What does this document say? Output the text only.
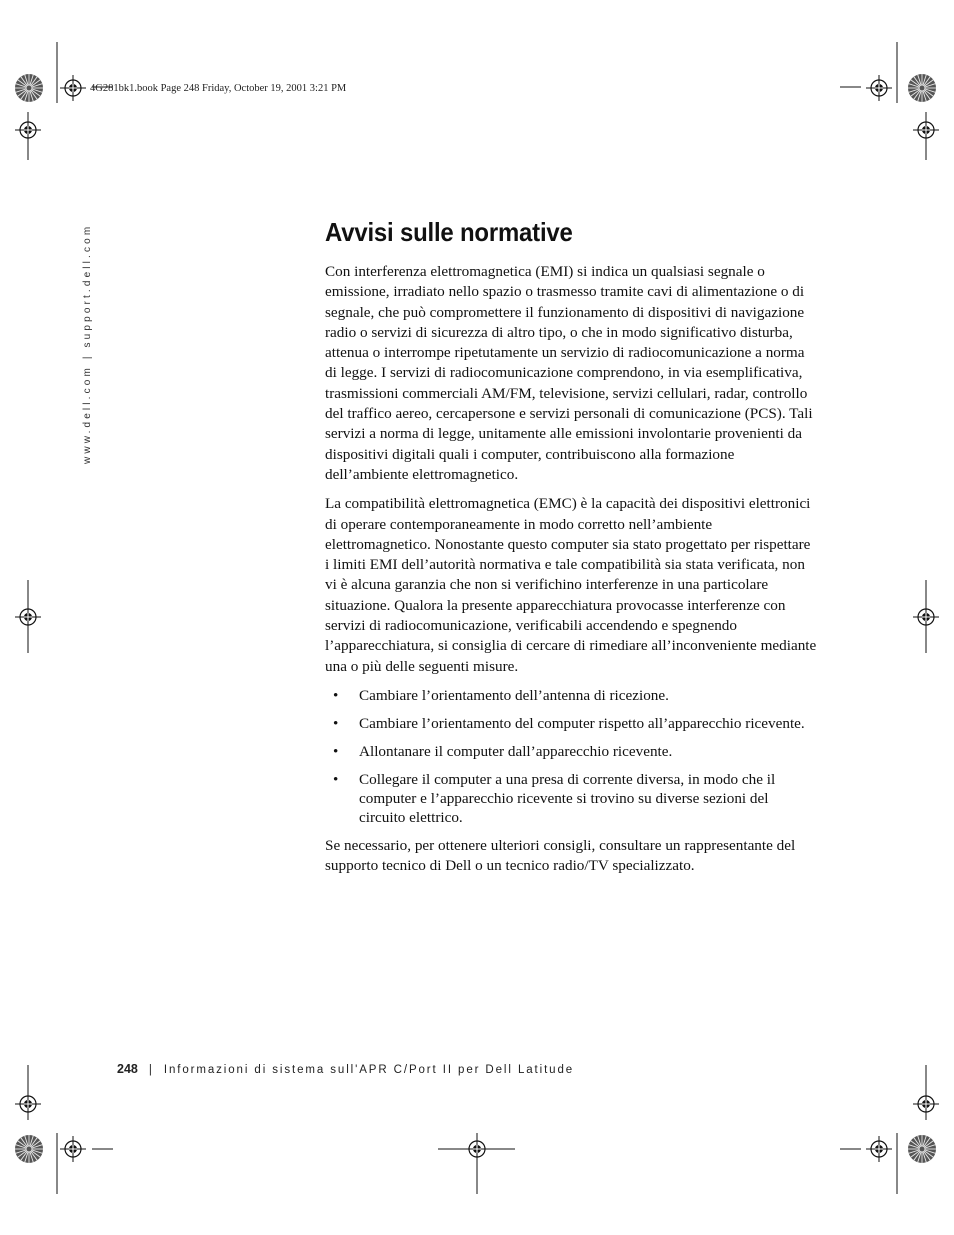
4G281bk1.book Page 248 Friday, October 19, 2001 3:21 PM
www.dell.com | support.dell.com	Avvisi sulle normative

Con interferenza elettromagnetica (EMI) si indica un qualsiasi segnale o emissione, irradiato nello spazio o trasmesso tramite cavi di alimentazione o di segnale, che può compromettere il funzionamento di dispositivi di navigazione radio o servizi di sicurezza di altro tipo, o che in modo significativo disturba, attenua o interrompe ripetutamente un servizio di radiocomunicazione a norma di legge. I servizi di radiocomunicazione comprendono, in via esemplificativa, trasmissioni commerciali AM/FM, televisione, servizi cellulari, radar, controllo del traffico aereo, cercapersone e servizi personali di comunicazione (PCS). Tali servizi a norma di legge, unitamente alle emissioni involontarie provenienti da dispositivi digitali quali i computer, contribuiscono alla formazione dell’ambiente elettromagnetico.

La compatibilità elettromagnetica (EMC) è la capacità dei dispositivi elettronici di operare contemporaneamente in modo corretto nell’ambiente elettromagnetico. Nonostante questo computer sia stato progettato per rispettare i limiti EMI dell’autorità normativa e tale compatibilità sia stata verificata, non vi è alcuna garanzia che non si verifichino interferenze in una particolare situazione. Qualora la presente apparecchiatura provocasse interferenze con servizi di radiocomunicazione, verificabili accendendo e spegnendo l’apparecchiatura, si consiglia di cercare di rimediare all’inconveniente mediante una o più delle seguenti misure.

• Cambiare l’orientamento dell’antenna di ricezione.
• Cambiare l’orientamento del computer rispetto all’apparecchio ricevente.
• Allontanare il computer dall’apparecchio ricevente.
• Collegare il computer a una presa di corrente diversa, in modo che il computer e l’apparecchio ricevente si trovino su diverse sezioni del circuito elettrico.

Se necessario, per ottenere ulteriori consigli, consultare un rappresentante del supporto tecnico di Dell o un tecnico radio/TV specializzato.

248 | Informazioni di sistema sull'APR C/Port II per Dell Latitude
